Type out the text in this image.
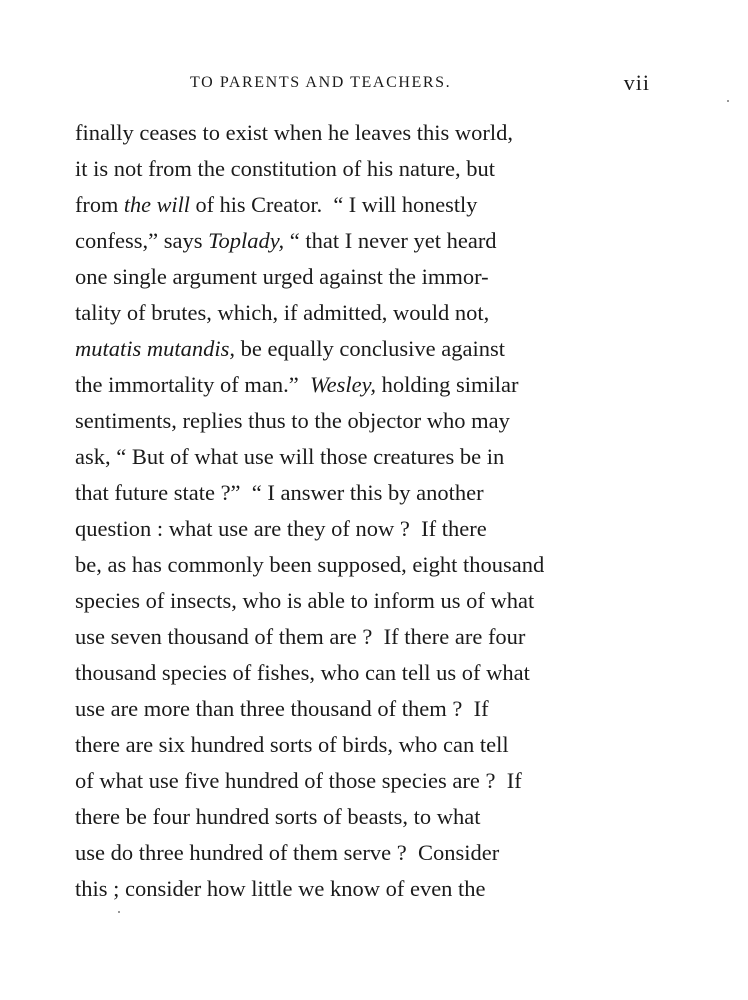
TO PARENTS AND TEACHERS.	vii
finally ceases to exist when he leaves this world,
it is not from the constitution of his nature, but
from the will of his Creator.  “ I will honestly
confess,” says Toplady, “ that I never yet heard
one single argument urged against the immor-
tality of brutes, which, if admitted, would not,
mutatis mutandis, be equally conclusive against
the immortality of man.”  Wesley, holding similar
sentiments, replies thus to the objector who may
ask, “ But of what use will those creatures be in
that future state ?”  “ I answer this by another
question : what use are they of now ?  If there
be, as has commonly been supposed, eight thousand
species of insects, who is able to inform us of what
use seven thousand of them are ?  If there are four
thousand species of fishes, who can tell us of what
use are more than three thousand of them ?  If
there are six hundred sorts of birds, who can tell
of what use five hundred of those species are ?  If
there be four hundred sorts of beasts, to what
use do three hundred of them serve ?  Consider
this ; consider how little we know of even the
